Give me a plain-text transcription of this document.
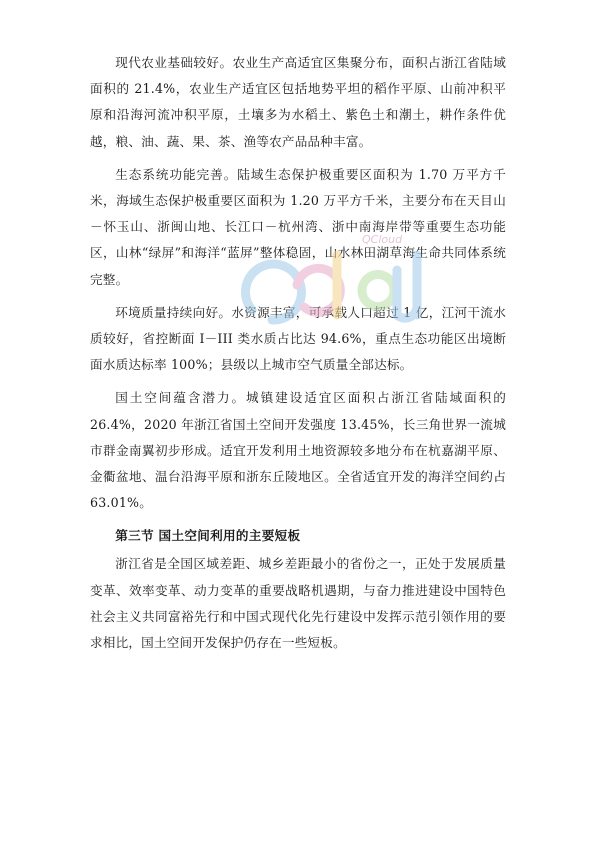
现代农业基础较好。农业生产高适宜区集聚分布，面积占浙江省陆域面积的 21.4%，农业生产适宜区包括地势平坦的稻作平原、山前冲积平原和沿海河流冲积平原，土壤多为水稻土、紫色土和潮土，耕作条件优越，粮、油、蔬、果、茶、渔等农产品品种丰富。

生态系统功能完善。陆域生态保护极重要区面积为 1.70 万平方千米，海域生态保护极重要区面积为 1.20 万平方千米，主要分布在天目山－怀玉山、浙闽山地、长江口－杭州湾、浙中南海岸带等重要生态功能区，山林“绿屏”和海洋“蓝屏”整体稳固，山水林田湖草海生命共同体系统完整。

环境质量持续向好。水资源丰富，可承载人口超过 1 亿，江河干流水质较好，省控断面 I－III 类水质占比达 94.6%，重点生态功能区出境断面水质达标率 100%；县级以上城市空气质量全部达标。

国土空间蕴含潜力。城镇建设适宜区面积占浙江省陆域面积的 26.4%，2020 年浙江省国土空间开发强度 13.45%，长三角世界一流城市群金南翼初步形成。适宜开发利用土地资源较多地分布在杭嘉湖平原、金衢盆地、温台沿海平原和浙东丘陵地区。全省适宜开发的海洋空间约占 63.01%。

第三节 国土空间利用的主要短板

浙江省是全国区域差距、城乡差距最小的省份之一，正处于发展质量变革、效率变革、动力变革的重要战略机遇期，与奋力推进建设中国特色社会主义共同富裕先行和中国式现代化先行建设中发挥示范引领作用的要求相比，国土空间开发保护仍存在一些短板。

QCloud
